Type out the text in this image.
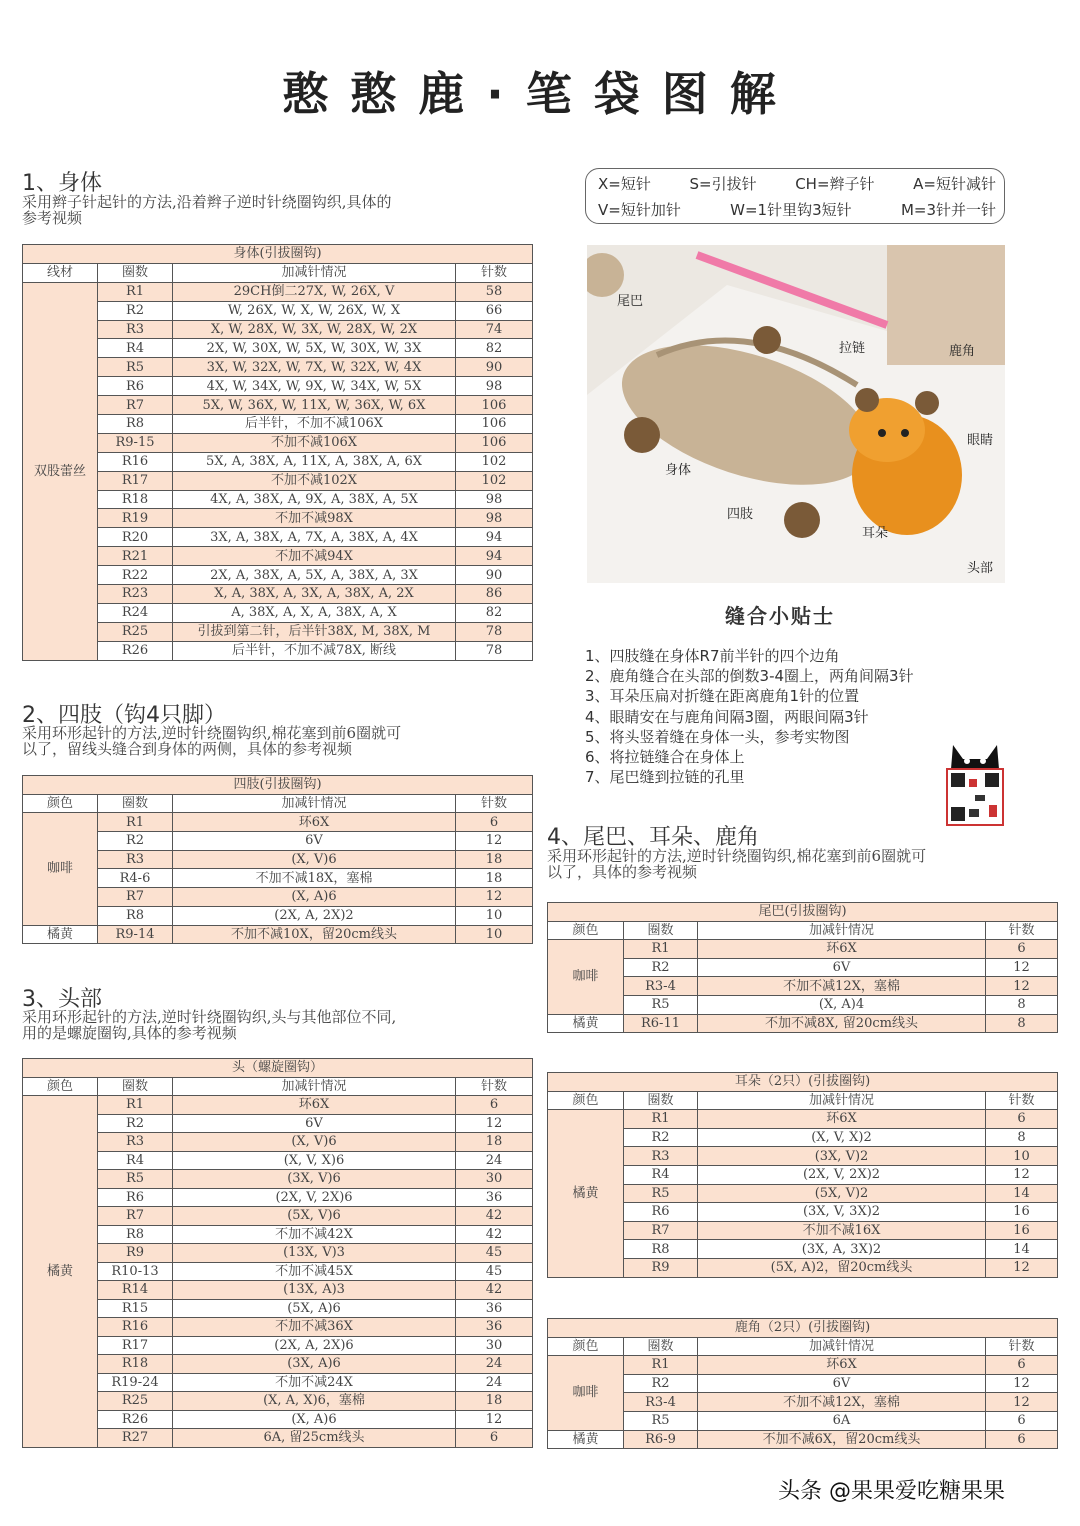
憨憨鹿·笔袋图解
1、身体
采用辫子针起针的方法,沿着辫子逆时针绕圈钩织,具体的
参考视频
身体(引拔圈钩)			
线材	圈数	加减针情况	针数
双股蕾丝	R1	29CH倒二27X, W, 26X, V	58
	R2	W, 26X, W, X, W, 26X, W, X	66
	R3	X, W, 28X, W, 3X, W, 28X, W, 2X	74
	R4	2X, W, 30X, W, 5X, W, 30X, W, 3X	82
	R5	3X, W, 32X, W, 7X, W, 32X, W, 4X	90
	R6	4X, W, 34X, W, 9X, W, 34X, W, 5X	98
	R7	5X, W, 36X, W, 11X, W, 36X, W, 6X	106
	R8	后半针，不加不减106X	106
	R9-15	不加不减106X	106
	R16	5X, A, 38X, A, 11X, A, 38X, A, 6X	102
	R17	不加不减102X	102
	R18	4X, A, 38X, A, 9X, A, 38X, A, 5X	98
	R19	不加不减98X	98
	R20	3X, A, 38X, A, 7X, A, 38X, A, 4X	94
	R21	不加不减94X	94
	R22	2X, A, 38X, A, 5X, A, 38X, A, 3X	90
	R23	X, A, 38X, A, 3X, A, 38X, A, 2X	86
	R24	A, 38X, A, X, A, 38X, A, X	82
	R25	引拔到第二针，后半针38X, M, 38X, M	78
	R26	后半针，不加不减78X, 断线	78
2、四肢（钩4只脚）
采用环形起针的方法,逆时针绕圈钩织,棉花塞到前6圈就可
以了，留线头缝合到身体的两侧，具体的参考视频
四肢(引拔圈钩)			
颜色	圈数	加减针情况	针数
咖啡	R1	环6X	6
	R2	6V	12
	R3	(X, V)6	18
	R4-6	不加不减18X，塞棉	18
	R7	(X, A)6	12
	R8	(2X, A, 2X)2	10
橘黄	R9-14	不加不减10X，留20cm线头	10
3、头部
采用环形起针的方法,逆时针绕圈钩织,头与其他部位不同,
用的是螺旋圈钩,具体的参考视频
头（螺旋圈钩）			
颜色	圈数	加减针情况	针数
橘黄	R1	环6X	6
	R2	6V	12
	R3	(X, V)6	18
	R4	(X, V, X)6	24
	R5	(3X, V)6	30
	R6	(2X, V, 2X)6	36
	R7	(5X, V)6	42
	R8	不加不减42X	42
	R9	(13X, V)3	45
	R10-13	不加不减45X	45
	R14	(13X, A)3	42
	R15	(5X, A)6	36
	R16	不加不减36X	36
	R17	(2X, A, 2X)6	30
	R18	(3X, A)6	24
	R19-24	不加不减24X	24
	R25	(X, A, X)6，塞棉	18
	R26	(X, A)6	12
	R27	6A, 留25cm线头	6
X=短针	S=引拔针	CH=辫子针	A=短针减针
V=短针加针	W=1针里钩3短针	M=3针并一针
尾巴
拉链	鹿角
眼睛
身体
四肢
耳朵
头部
缝合小贴士
1、四肢缝在身体R7前半针的四个边角
2、鹿角缝合在头部的倒数3-4圈上，两角间隔3针
3、耳朵压扁对折缝在距离鹿角1针的位置
4、眼睛安在与鹿角间隔3圈，两眼间隔3针
5、将头竖着缝在身体一头，参考实物图
6、将拉链缝合在身体上
7、尾巴缝到拉链的孔里
4、尾巴、耳朵、鹿角
采用环形起针的方法,逆时针绕圈钩织,棉花塞到前6圈就可
以了，具体的参考视频
尾巴(引拔圈钩)			
颜色	圈数	加减针情况	针数
咖啡	R1	环6X	6
	R2	6V	12
	R3-4	不加不减12X，塞棉	12
	R5	(X, A)4	8
橘黄	R6-11	不加不减8X, 留20cm线头	8
耳朵（2只）(引拔圈钩)			
颜色	圈数	加减针情况	针数
橘黄	R1	环6X	6
	R2	(X, V, X)2	8
	R3	(3X, V)2	10
	R4	(2X, V, 2X)2	12
	R5	(5X, V)2	14
	R6	(3X, V, 3X)2	16
	R7	不加不减16X	16
	R8	(3X, A, 3X)2	14
	R9	(5X, A)2，留20cm线头	12
鹿角（2只）(引拔圈钩)			
颜色	圈数	加减针情况	针数
咖啡	R1	环6X	6
	R2	6V	12
	R3-4	不加不减12X，塞棉	12
	R5	6A	6
橘黄	R6-9	不加不减6X，留20cm线头	6
头条 @果果爱吃糖果果
